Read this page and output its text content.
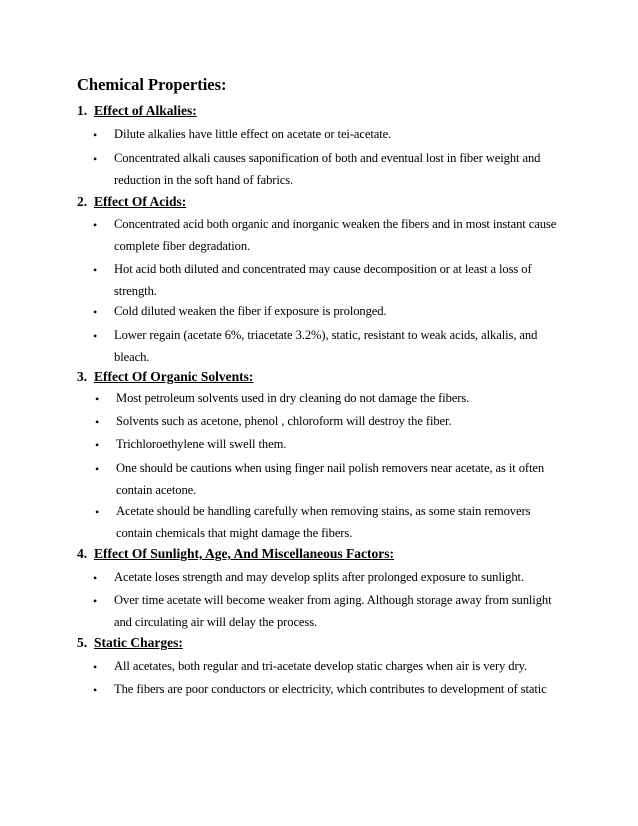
Chemical Properties:
1. Effect of Alkalies:
• Dilute alkalies have little effect on acetate or tei-acetate.
• Concentrated alkali causes saponification of both and eventual lost in fiber weight and
reduction in the soft hand of fabrics.
2. Effect Of Acids:
• Concentrated acid both organic and inorganic weaken the fibers and in most instant cause
complete fiber degradation.
• Hot acid both diluted and concentrated may cause decomposition or at least a loss of
strength.
• Cold diluted weaken the fiber if exposure is prolonged.
• Lower regain (acetate 6%, triacetate 3.2%), static, resistant to weak acids, alkalis, and
bleach.
3. Effect Of Organic Solvents:
• Most petroleum solvents used in dry cleaning do not damage the fibers.
• Solvents such as acetone, phenol , chloroform will destroy the fiber.
• Trichloroethylene will swell them.
• One should be cautions when using finger nail polish removers near acetate, as it often
contain acetone.
• Acetate should be handling carefully when removing stains, as some stain removers
contain chemicals that might damage the fibers.
4. Effect Of Sunlight, Age, And Miscellaneous Factors:
• Acetate loses strength and may develop splits after prolonged exposure to sunlight.
• Over time acetate will become weaker from aging. Although storage away from sunlight
and circulating air will delay the process.
5. Static Charges:
• All acetates, both regular and tri-acetate develop static charges when air is very dry.
• The fibers are poor conductors or electricity, which contributes to development of static
